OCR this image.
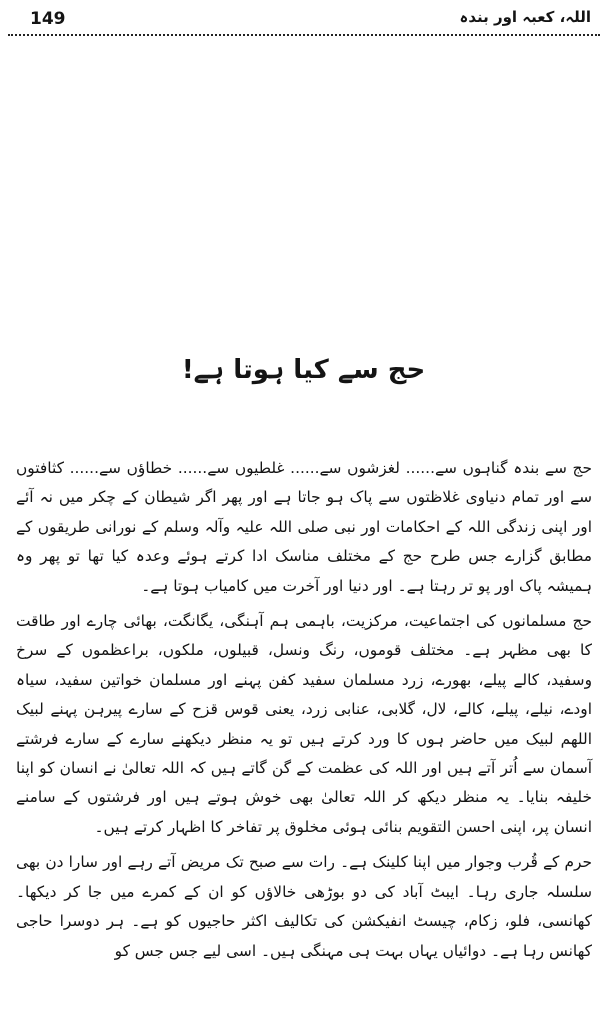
149	اللہ، کعبہ اور بندہ
حج سے کیا ہوتا ہے!

حج سے بندہ گناہوں سے...... لغزشوں سے...... غلطیوں سے...... خطاؤں سے...... کثافتوں سے اور تمام دنیاوی غلاظتوں سے پاک ہو جاتا ہے اور پھر اگر شیطان کے چکر میں نہ آئے اور اپنی زندگی اللہ کے احکامات اور نبی صلی اللہ علیہ وآلہ وسلم کے نورانی طریقوں کے مطابق گزارے جس طرح حج کے مختلف مناسک ادا کرتے ہوئے وعدہ کیا تھا تو پھر وہ ہمیشہ پاک اور پو تر رہتا ہے۔ اور دنیا اور آخرت میں کامیاب ہوتا ہے۔

حج مسلمانوں کی اجتماعیت، مرکزیت، باہمی ہم آہنگی، یگانگت، بھائی چارے اور طاقت کا بھی مظہر ہے۔ مختلف قوموں، رنگ ونسل، قبیلوں، ملکوں، براعظموں کے سرخ وسفید، کالے پیلے، بھورے، زرد مسلمان سفید کفن پہنے اور مسلمان خواتین سفید، سیاہ اودے، نیلے، پیلے، کالے، لال، گلابی، عنابی زرد، یعنی قوس قزح کے سارے پیرہن پہنے لبیک اللھم لبیک میں حاضر ہوں کا ورد کرتے ہیں تو یہ منظر دیکھنے سارے کے سارے فرشتے آسمان سے اُتر آتے ہیں اور اللہ کی عظمت کے گن گاتے ہیں کہ اللہ تعالیٰ نے انسان کو اپنا خلیفہ بنایا۔ یہ منظر دیکھ کر اللہ تعالیٰ بھی خوش ہوتے ہیں اور فرشتوں کے سامنے انسان پر، اپنی احسن التقویم بنائی ہوئی مخلوق پر تفاخر کا اظہار کرتے ہیں۔

حرم کے قُرب وجوار میں اپنا کلینک ہے۔ رات سے صبح تک مریض آتے رہے اور سارا دن بھی سلسلہ جاری رہا۔ ایبٹ آباد کی دو بوڑھی خالاؤں کو ان کے کمرے میں جا کر دیکھا۔ کھانسی، فلو، زکام، چیسٹ انفیکشن کی تکالیف اکثر حاجیوں کو ہے۔ ہر دوسرا حاجی کھانس رہا ہے۔ دوائیاں یہاں بہت ہی مہنگی ہیں۔ اسی لیے جس جس کو
